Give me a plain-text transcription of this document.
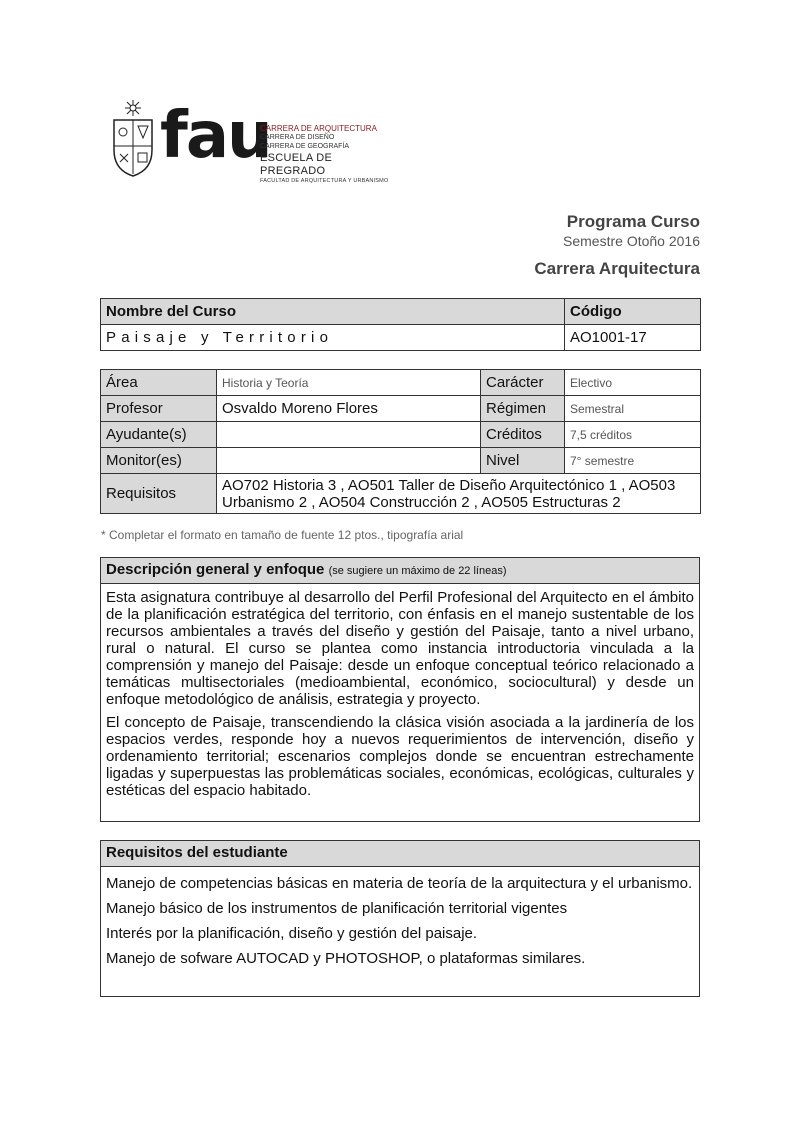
fau
CARRERA DE ARQUITECTURA
CARRERA DE DISEÑO
CARRERA DE GEOGRAFÍA
ESCUELA DE PREGRADO
FACULTAD DE ARQUITECTURA Y URBANISMO
Programa Curso
Semestre Otoño 2016
Carrera Arquitectura
Nombre del Curso	Código
Paisaje y Territorio	AO1001-17
Área	Historia y Teoría	Carácter	Electivo
Profesor	Osvaldo Moreno Flores	Régimen	Semestral
Ayudante(s)		Créditos	7,5 créditos
Monitor(es)		Nivel	7° semestre
Requisitos	AO702 Historia 3 , AO501 Taller de Diseño Arquitectónico 1 , AO503 Urbanismo 2 , AO504 Construcción 2 , AO505 Estructuras 2		
* Completar el formato en tamaño de fuente 12 ptos., tipografía arial
Descripción general y enfoque (se sugiere un máximo de 22 líneas)

Esta asignatura contribuye al desarrollo del Perfil Profesional del Arquitecto en el ámbito de la planificación estratégica del territorio, con énfasis en el manejo sustentable de los recursos ambientales a través del diseño y gestión del Paisaje, tanto a nivel urbano, rural o natural. El curso se plantea como instancia introductoria vinculada a la comprensión y manejo del Paisaje: desde un enfoque conceptual teórico relacionado a temáticas multisectoriales (medioambiental, económico, sociocultural) y desde un enfoque metodológico de análisis, estrategia y proyecto.

El concepto de Paisaje, transcendiendo la clásica visión asociada a la jardinería de los espacios verdes, responde hoy a nuevos requerimientos de intervención, diseño y ordenamiento territorial; escenarios complejos donde se encuentran estrechamente ligadas y superpuestas las problemáticas sociales, económicas, ecológicas, culturales y estéticas del espacio habitado.

Requisitos del estudiante

Manejo de competencias básicas en materia de teoría de la arquitectura y el urbanismo.

Manejo básico de los instrumentos de planificación territorial vigentes

Interés por la planificación, diseño y gestión del paisaje.

Manejo de sofware AUTOCAD y PHOTOSHOP, o plataformas similares.
